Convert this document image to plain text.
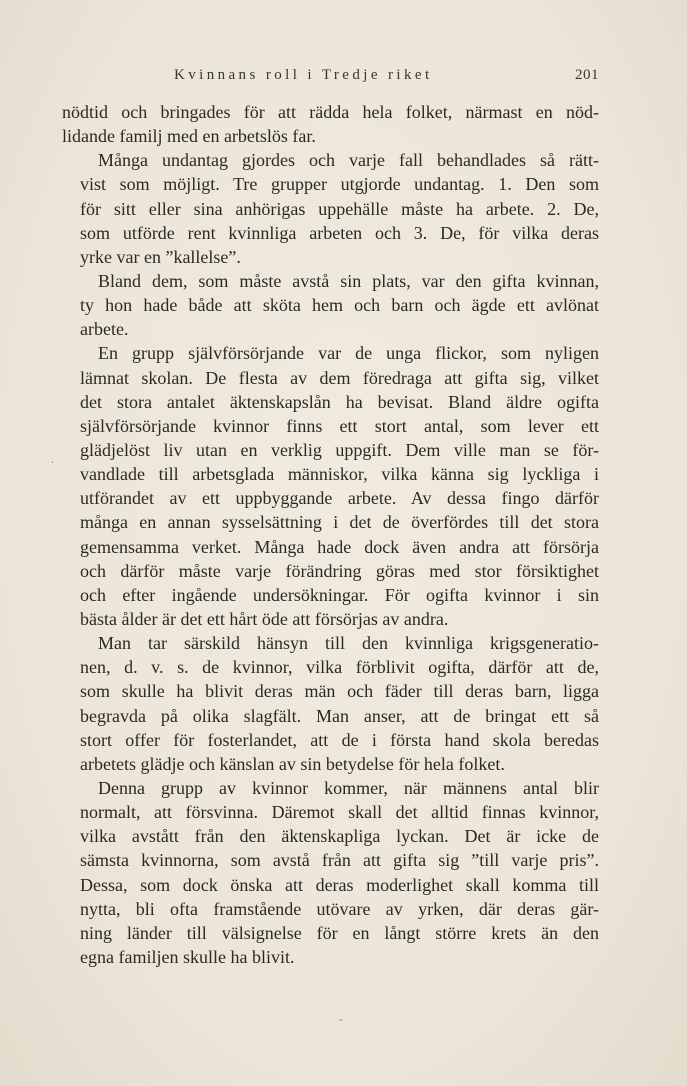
Kvinnans roll i Tredje riket	201

nödtid och bringades för att rädda hela folket, närmast en nöd-
lidande familj med en arbetslös far.

Många undantag gjordes och varje fall behandlades så rätt-
vist som möjligt. Tre grupper utgjorde undantag. 1. Den som
för sitt eller sina anhörigas uppehälle måste ha arbete. 2. De,
som utförde rent kvinnliga arbeten och 3. De, för vilka deras
yrke var en ”kallelse”.

Bland dem, som måste avstå sin plats, var den gifta kvinnan,
ty hon hade både att sköta hem och barn och ägde ett avlönat
arbete.

En grupp självförsörjande var de unga flickor, som nyligen
lämnat skolan. De flesta av dem föredraga att gifta sig, vilket
det stora antalet äktenskapslån ha bevisat. Bland äldre ogifta
självförsörjande kvinnor finns ett stort antal, som lever ett
glädjelöst liv utan en verklig uppgift. Dem ville man se för-
vandlade till arbetsglada människor, vilka känna sig lyckliga i
utförandet av ett uppbyggande arbete. Av dessa fingo därför
många en annan sysselsättning i det de överfördes till det stora
gemensamma verket. Många hade dock även andra att försörja
och därför måste varje förändring göras med stor försiktighet
och efter ingående undersökningar. För ogifta kvinnor i sin
bästa ålder är det ett hårt öde att försörjas av andra.

Man tar särskild hänsyn till den kvinnliga krigsgeneratio-
nen, d. v. s. de kvinnor, vilka förblivit ogifta, därför att de,
som skulle ha blivit deras män och fäder till deras barn, ligga
begravda på olika slagfält. Man anser, att de bringat ett så
stort offer för fosterlandet, att de i första hand skola beredas
arbetets glädje och känslan av sin betydelse för hela folket.

Denna grupp av kvinnor kommer, när männens antal blir
normalt, att försvinna. Däremot skall det alltid finnas kvinnor,
vilka avstått från den äktenskapliga lyckan. Det är icke de
sämsta kvinnorna, som avstå från att gifta sig ”till varje pris”.
Dessa, som dock önska att deras moderlighet skall komma till
nytta, bli ofta framstående utövare av yrken, där deras gär-
ning länder till välsignelse för en långt större krets än den
egna familjen skulle ha blivit.

.
-
